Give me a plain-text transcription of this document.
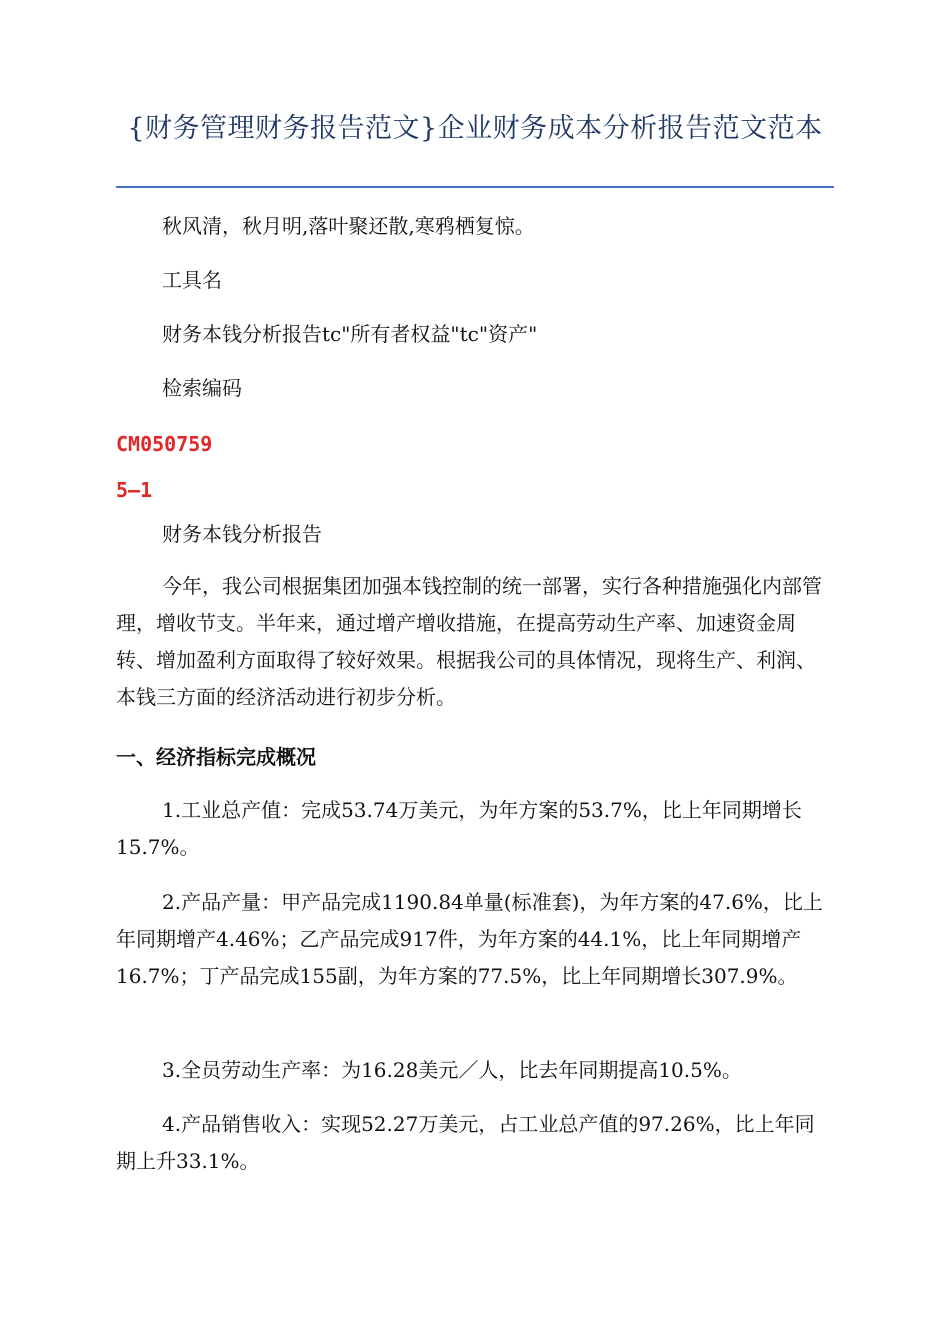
{财务管理财务报告范文}企业财务成本分析报告范文范本

秋风清，秋月明,落叶聚还散,寒鸦栖复惊。

工具名

财务本钱分析报告tc"所有者权益"tc"资产"

检索编码

CM050759
5—1

财务本钱分析报告

今年，我公司根据集团加强本钱控制的统一部署，实行各种措施强化内部管理，增收节支。半年来，通过增产增收措施，在提高劳动生产率、加速资金周转、增加盈利方面取得了较好效果。根据我公司的具体情况，现将生产、利润、本钱三方面的经济活动进行初步分析。

一、经济指标完成概况

1.工业总产值：完成53.74万美元，为年方案的53.7%，比上年同期增长15.7%。

2.产品产量：甲产品完成1190.84单量(标准套)，为年方案的47.6%，比上年同期增产4.46%；乙产品完成917件，为年方案的44.1%，比上年同期增产16.7%；丁产品完成155副，为年方案的77.5%，比上年同期增长307.9%。

3.全员劳动生产率：为16.28美元／人，比去年同期提高10.5%。

4.产品销售收入：实现52.27万美元，占工业总产值的97.26%，比上年同期上升33.1%。
